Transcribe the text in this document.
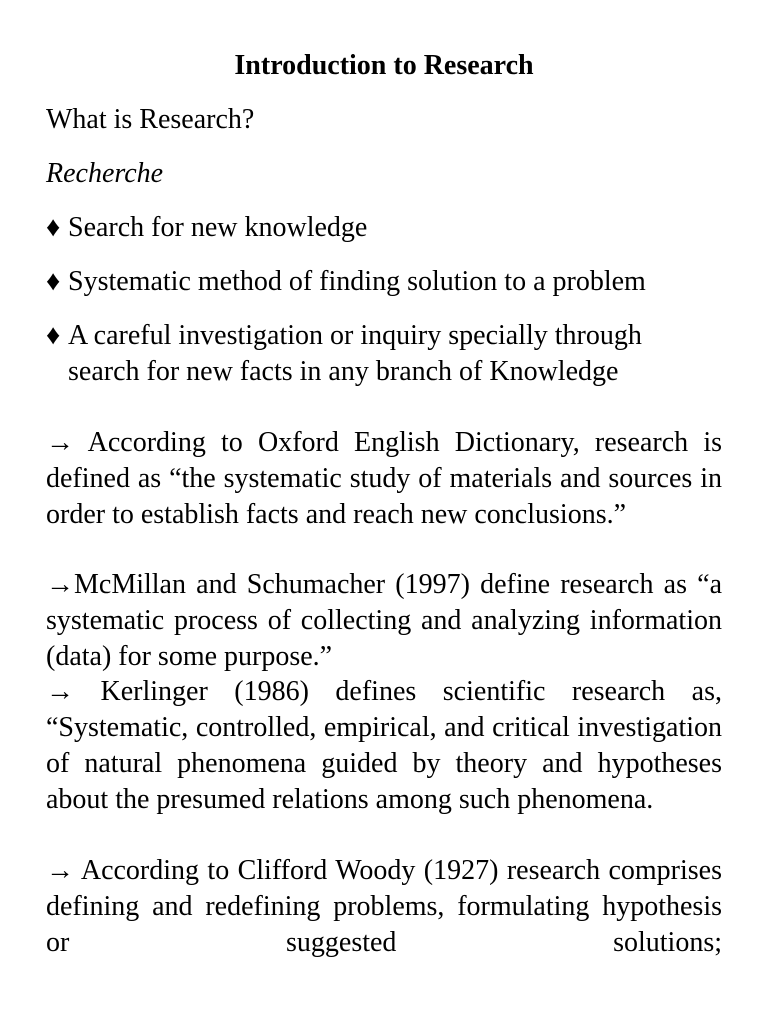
Introduction to Research
What is Research?
Recherche
♦ Search for new knowledge
♦ Systematic method of finding solution to a problem
♦ A careful investigation or inquiry specially through search for new facts in any branch of Knowledge
→ According to Oxford English Dictionary, research is defined as “the systematic study of materials and sources in order to establish facts and reach new conclusions.”
→McMillan and Schumacher (1997) define research as “a systematic process of collecting and analyzing information (data) for some purpose.”
→ Kerlinger (1986) defines scientific research as, “Systematic, controlled, empirical, and critical investigation of natural phenomena guided by theory and hypotheses about the presumed relations among such phenomena.
→ According to Clifford Woody (1927) research comprises defining and redefining problems, formulating hypothesis or suggested solutions;
